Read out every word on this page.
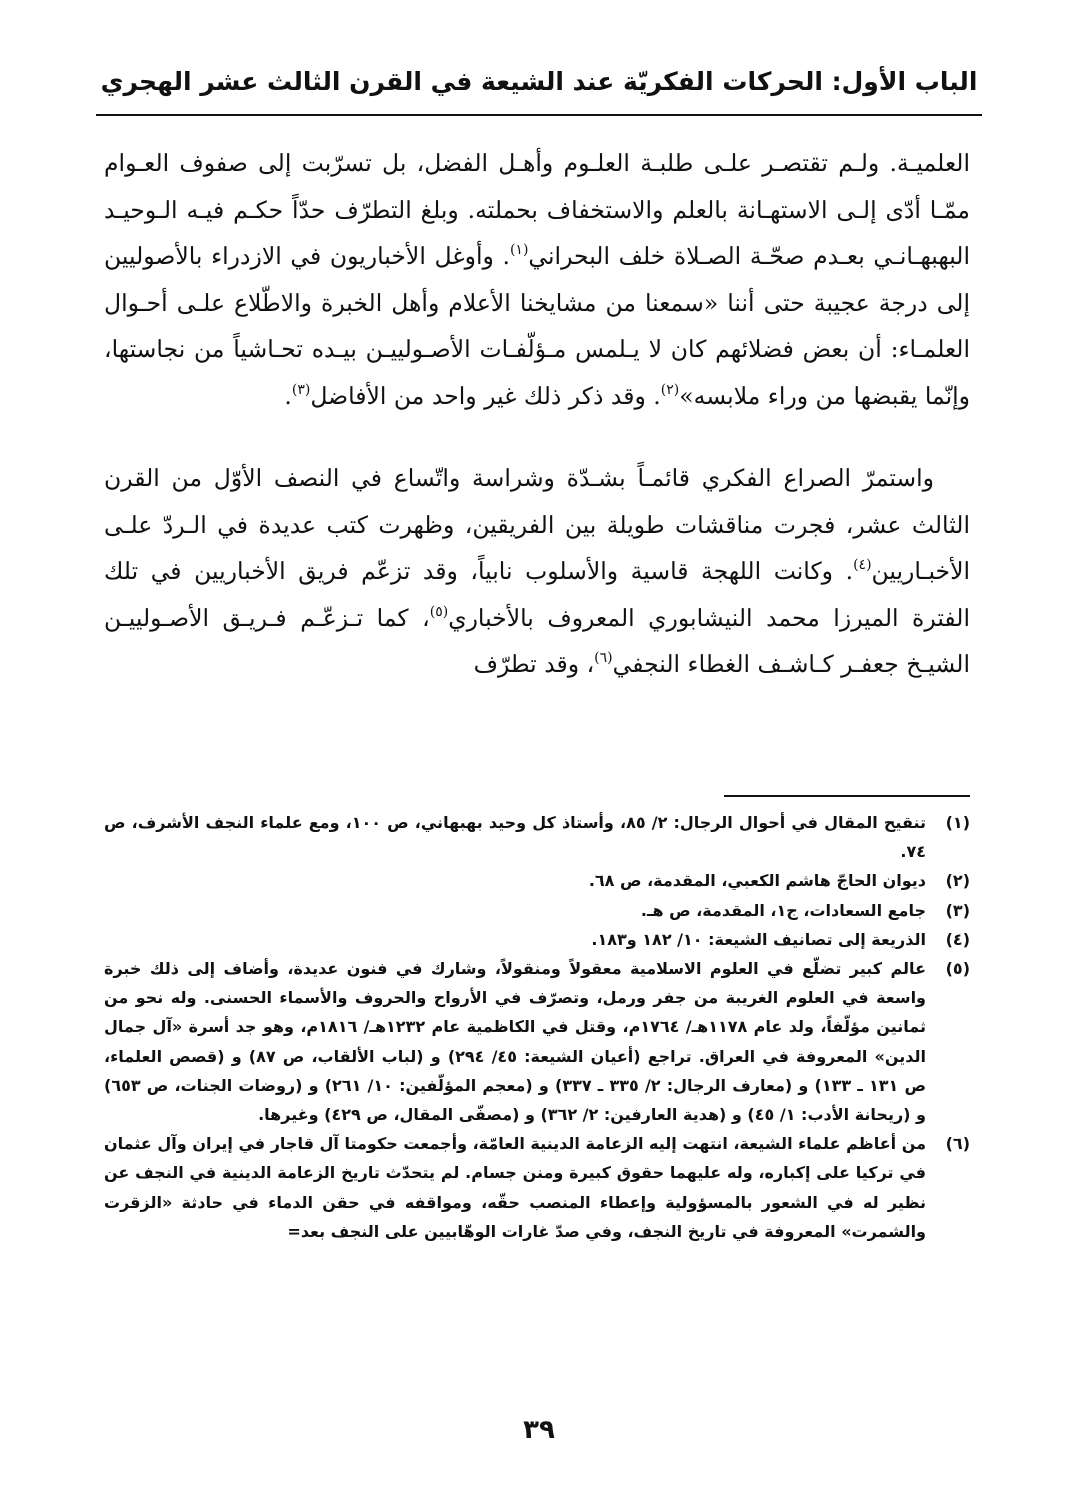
الباب الأول: الحركات الفكريّة عند الشيعة في القرن الثالث عشر الهجري

العلميـة. ولـم تقتصـر علـى طلبـة العلـوم وأهـل الفضل، بل تسرّبت إلى صفوف العـوام ممّـا أدّى إلـى الاستهـانة بالعلم والاستخفاف بحملته. وبلغ التطرّف حدّاً حكـم فيـه الـوحيـد البهبهـانـي بعـدم صحّـة الصـلاة خلف البحراني$^{(١)}$. وأوغل الأخباريون في الازدراء بالأصوليين إلى درجة عجيبة حتى أننا «سمعنا من مشايخنا الأعلام وأهل الخبرة والاطّلاع علـى أحـوال العلمـاء: أن بعض فضلائهم كان لا يـلمس مـؤلّفـات الأصـولييـن بيـده تحـاشياً من نجاستها، وإنّما يقبضها من وراء ملابسه»$^{(٢)}$. وقد ذكر ذلك غير واحد من الأفاضل$^{(٣)}$.

واستمرّ الصراع الفكري قائمـاً بشـدّة وشراسة واتّساع في النصف الأوّل من القرن الثالث عشر، فجرت مناقشات طويلة بين الفريقين، وظهرت كتب عديدة في الـردّ علـى الأخبـاريين$^{(٤)}$. وكانت اللهجة قاسية والأسلوب نابياً، وقد تزعّم فريق الأخباريين في تلك الفترة الميرزا محمد النيشابوري المعروف بالأخباري$^{(٥)}$، كما تـزعّـم فـريـق الأصـولييـن الشيـخ جعفـر كـاشـف الغطاء النجفي$^{(٦)}$، وقد تطرّف

(١)
تنقيح المقال في أحوال الرجال: ٢/ ٨٥، وأستاذ كل وحيد بهبهاني، ص ١٠٠، ومع علماء النجف الأشرف، ص ٧٤.
(٢)
ديوان الحاجّ هاشم الكعبي، المقدمة، ص ٦٨.
(٣)
جامع السعادات، ج١، المقدمة، ص هـ.
(٤)
الذريعة إلى تصانيف الشيعة: ١٠/ ١٨٢ و١٨٣.
(٥)
عالم كبير تضلّع في العلوم الاسلامية معقولاً ومنقولاً، وشارك في فنون عديدة، وأضاف إلى ذلك خبرة واسعة في العلوم الغريبة من جفر ورمل، وتصرّف في الأرواح والحروف والأسماء الحسنى. وله نحو من ثمانين مؤلّفاً، ولد عام ١١٧٨هـ/ ١٧٦٤م، وقتل في الكاظمية عام ١٢٣٢هـ/ ١٨١٦م، وهو جد أسرة «آل جمال الدين» المعروفة في العراق. تراجع (أعيان الشيعة: ٤٥/ ٢٩٤) و (لباب الألقاب، ص ٨٧) و (قصص العلماء، ص ١٣١ ـ ١٣٣) و (معارف الرجال: ٢/ ٣٣٥ ـ ٣٣٧) و (معجم المؤلّفين: ١٠/ ٢٦١) و (روضات الجنات، ص ٦٥٣) و (ريحانة الأدب: ١/ ٤٥) و (هدية العارفين: ٢/ ٣٦٢) و (مصفّى المقال، ص ٤٢٩) وغيرها.
(٦)
من أعاظم علماء الشيعة، انتهت إليه الزعامة الدينية العامّة، وأجمعت حكومتا آل قاجار في إيران وآل عثمان في تركيا على إكباره، وله عليهما حقوق كبيرة ومنن جسام. لم يتحدّث تاريخ الزعامة الدينية في النجف عن نظير له في الشعور بالمسؤولية وإعطاء المنصب حقّه، ومواقفه في حقن الدماء في حادثة «الزقرت والشمرت» المعروفة في تاريخ النجف، وفي صدّ غارات الوهّابيين على النجف بعد=
٣٩
